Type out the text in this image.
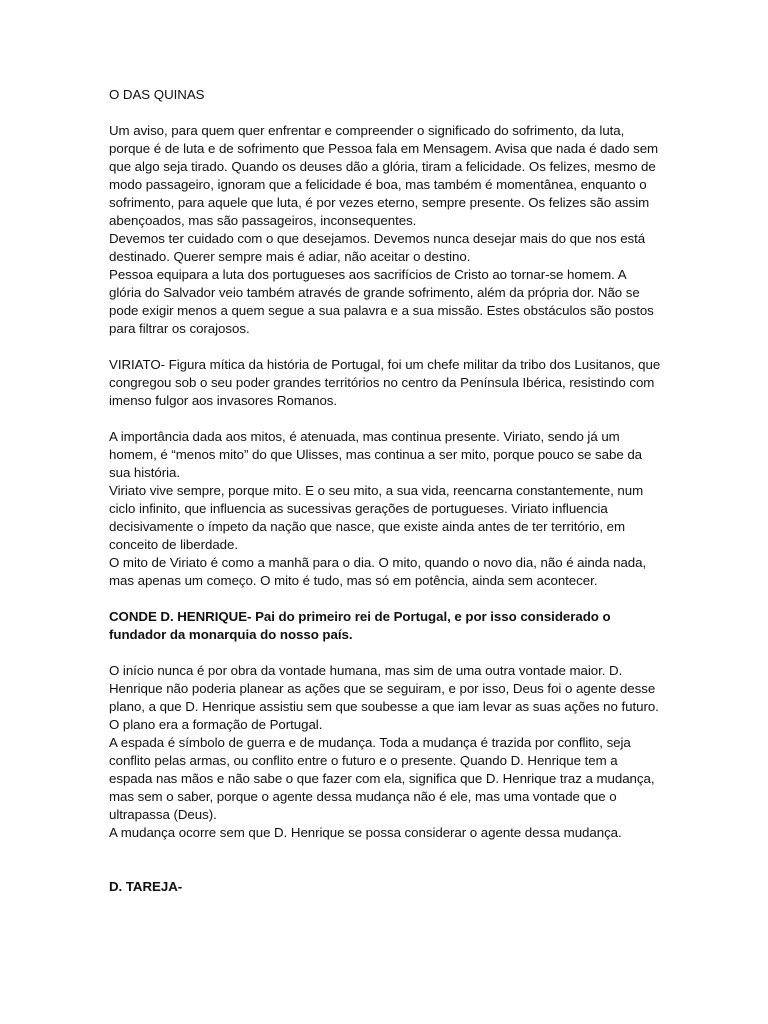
O DAS QUINAS

Um aviso, para quem quer enfrentar e compreender o significado do sofrimento, da luta, porque é de luta e de sofrimento que Pessoa fala em Mensagem. Avisa que nada é dado sem que algo seja tirado. Quando os deuses dão a glória, tiram a felicidade. Os felizes, mesmo de modo passageiro, ignoram que a felicidade é boa, mas também é momentânea, enquanto o sofrimento, para aquele que luta, é por vezes eterno, sempre presente. Os felizes são assim abençoados, mas são passageiros, inconsequentes.

Devemos ter cuidado com o que desejamos. Devemos nunca desejar mais do que nos está destinado. Querer sempre mais é adiar, não aceitar o destino.

Pessoa equipara a luta dos portugueses aos sacrifícios de Cristo ao tornar-se homem. A glória do Salvador veio também através de grande sofrimento, além da própria dor. Não se pode exigir menos a quem segue a sua palavra e a sua missão. Estes obstáculos são postos para filtrar os corajosos.

VIRIATO- Figura mítica da história de Portugal, foi um chefe militar da tribo dos Lusitanos, que congregou sob o seu poder grandes territórios no centro da Península Ibérica, resistindo com imenso fulgor aos invasores Romanos.

A importância dada aos mitos, é atenuada, mas continua presente. Viriato, sendo já um homem, é “menos mito” do que Ulisses, mas continua a ser mito, porque pouco se sabe da sua história.

Viriato vive sempre, porque mito. E o seu mito, a sua vida, reencarna constantemente, num ciclo infinito, que influencia as sucessivas gerações de portugueses. Viriato influencia decisivamente o ímpeto da nação que nasce, que existe ainda antes de ter território, em conceito de liberdade.

O mito de Viriato é como a manhã para o dia. O mito, quando o novo dia, não é ainda nada, mas apenas um começo. O mito é tudo, mas só em potência, ainda sem acontecer.

CONDE D. HENRIQUE- Pai do primeiro rei de Portugal, e por isso considerado o fundador da monarquia do nosso país.

O início nunca é por obra da vontade humana, mas sim de uma outra vontade maior. D. Henrique não poderia planear as ações que se seguiram, e por isso, Deus foi o agente desse plano, a que D. Henrique assistiu sem que soubesse a que iam levar as suas ações no futuro. O plano era a formação de Portugal.

A espada é símbolo de guerra e de mudança. Toda a mudança é trazida por conflito, seja conflito pelas armas, ou conflito entre o futuro e o presente. Quando D. Henrique tem a espada nas mãos e não sabe o que fazer com ela, significa que D. Henrique traz a mudança, mas sem o saber, porque o agente dessa mudança não é ele, mas uma vontade que o ultrapassa (Deus).

A mudança ocorre sem que D. Henrique se possa considerar o agente dessa mudança.

D. TAREJA-
